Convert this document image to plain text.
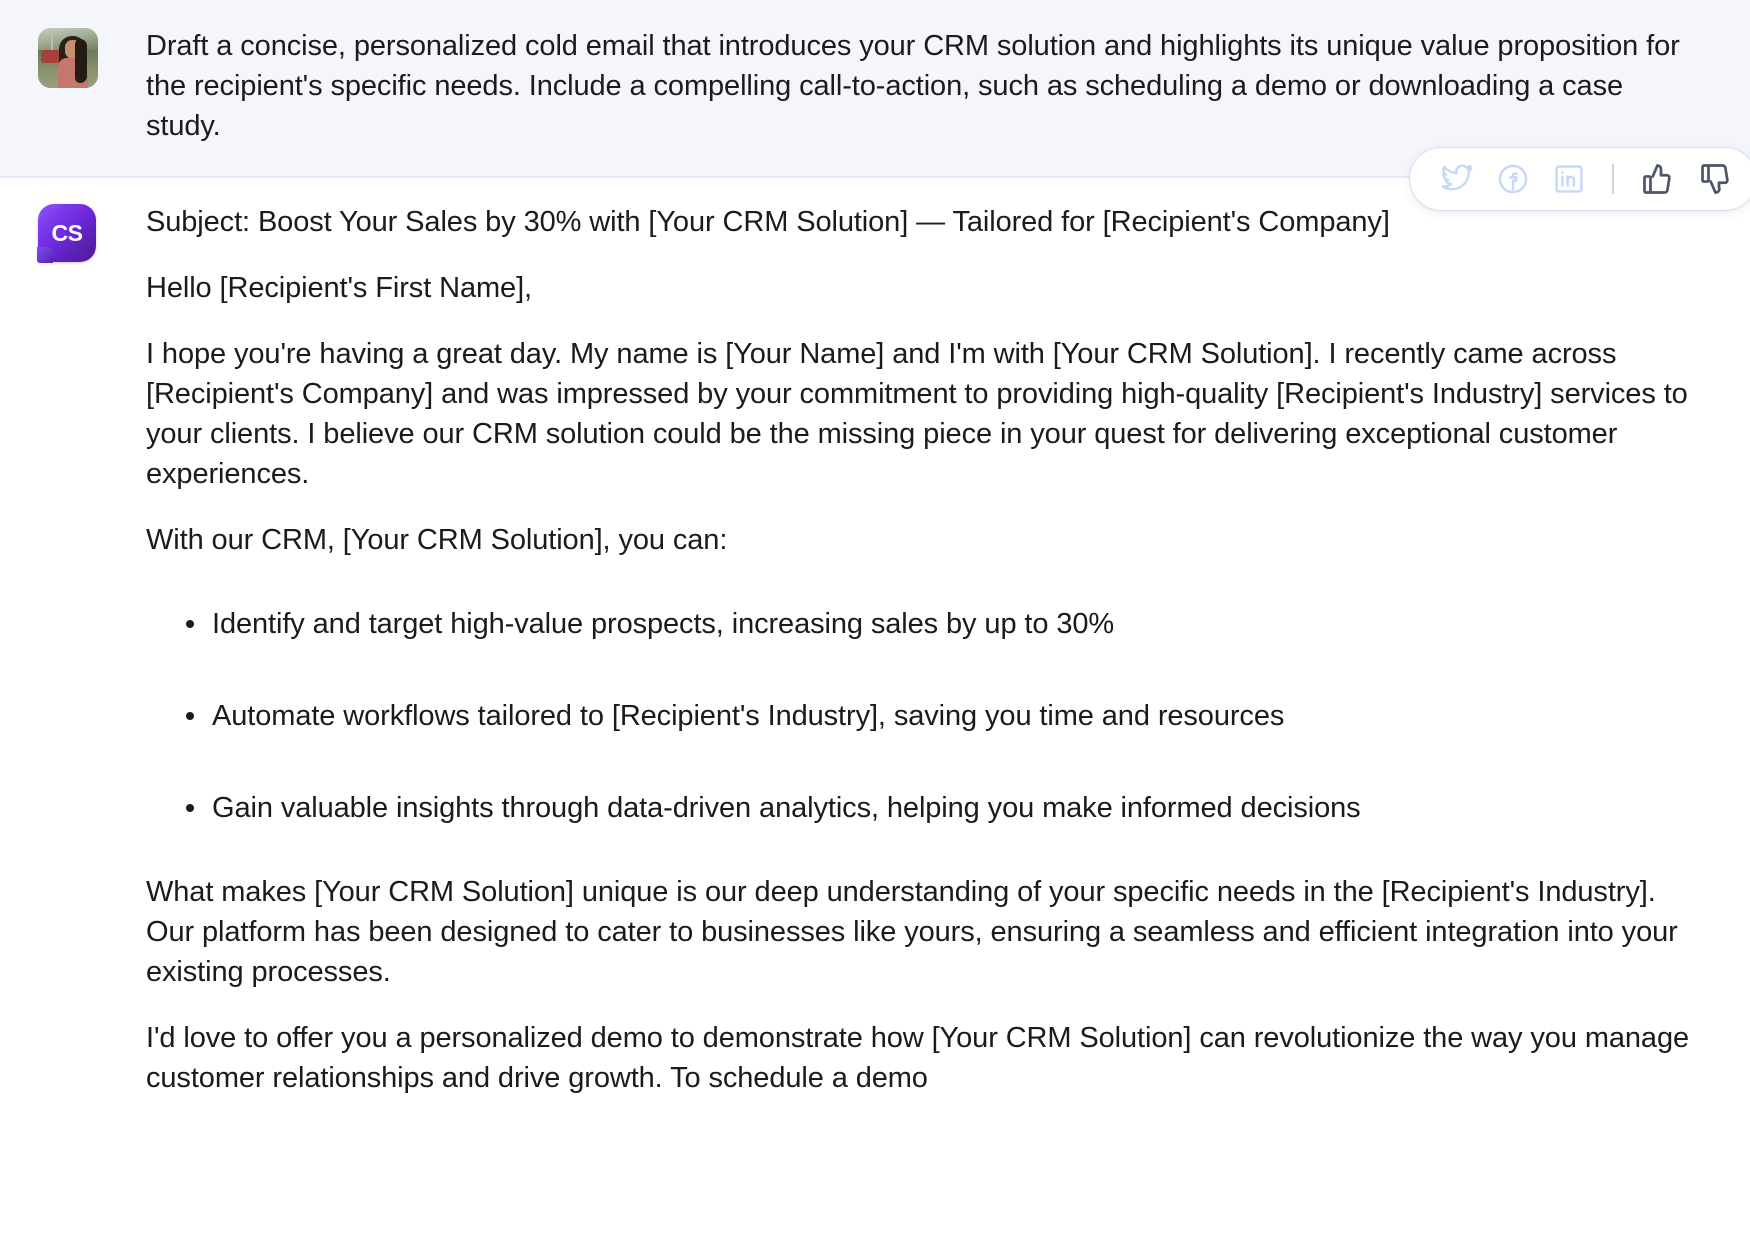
Draft a concise, personalized cold email that introduces your CRM solution and highlights its unique value proposition for the recipient's specific needs. Include a compelling call-to-action, such as scheduling a demo or downloading a case study.

CS Subject: Boost Your Sales by 30% with [Your CRM Solution] — Tailored for [Recipient's Company]

Hello [Recipient's First Name],

I hope you're having a great day. My name is [Your Name] and I'm with [Your CRM Solution]. I recently came across [Recipient's Company] and was impressed by your commitment to providing high-quality [Recipient's Industry] services to your clients. I believe our CRM solution could be the missing piece in your quest for delivering exceptional customer experiences.

With our CRM, [Your CRM Solution], you can:

Identify and target high-value prospects, increasing sales by up to 30%
Automate workflows tailored to [Recipient's Industry], saving you time and resources
Gain valuable insights through data-driven analytics, helping you make informed decisions

What makes [Your CRM Solution] unique is our deep understanding of your specific needs in the [Recipient's Industry]. Our platform has been designed to cater to businesses like yours, ensuring a seamless and efficient integration into your existing processes.

I'd love to offer you a personalized demo to demonstrate how [Your CRM Solution] can revolutionize the way you manage customer relationships and drive growth. To schedule a demo
